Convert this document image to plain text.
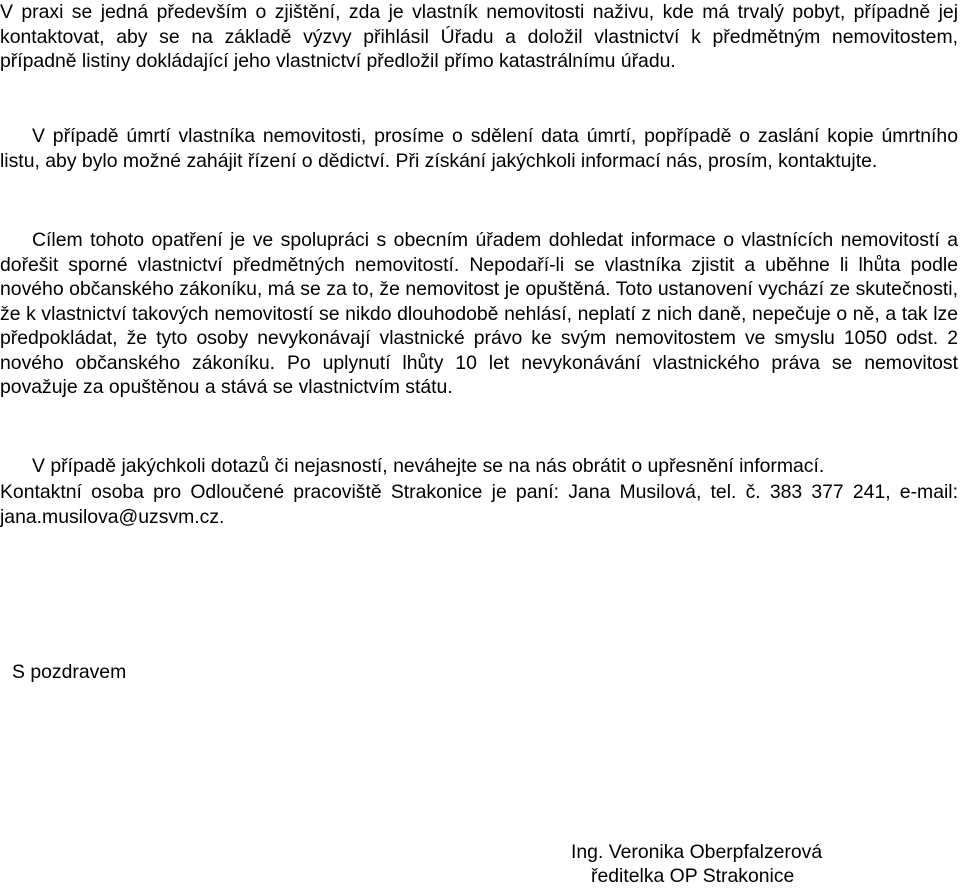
V praxi se jedná především o zjištění, zda je vlastník nemovitosti naživu, kde má trvalý pobyt, případně jej kontaktovat, aby se na základě výzvy přihlásil Úřadu a doložil vlastnictví k předmětným nemovitostem, případně listiny dokládající jeho vlastnictví předložil přímo katastrálnímu úřadu.

V případě úmrtí vlastníka nemovitosti, prosíme o sdělení data úmrtí, popřípadě o zaslání kopie úmrtního listu, aby bylo možné zahájit řízení o dědictví. Při získání jakýchkoli informací nás, prosím, kontaktujte.

Cílem tohoto opatření je ve spolupráci s obecním úřadem dohledat informace o vlastnících nemovitostí a dořešit sporné vlastnictví předmětných nemovitostí. Nepodaří-li se vlastníka zjistit a uběhne li lhůta podle nového občanského zákoníku, má se za to, že nemovitost je opuštěná. Toto ustanovení vychází ze skutečnosti, že k vlastnictví takových nemovitostí se nikdo dlouhodobě nehlásí, neplatí z nich daně, nepečuje o ně, a tak lze předpokládat, že tyto osoby nevykonávají vlastnické právo ke svým nemovitostem ve smyslu 1050 odst. 2 nového občanského zákoníku. Po uplynutí lhůty 10 let nevykonávání vlastnického práva se nemovitost považuje za opuštěnou a stává se vlastnictvím státu.

V případě jakýchkoli dotazů či nejasností, neváhejte se na nás obrátit o upřesnění informací.

Kontaktní osoba pro Odloučené pracoviště Strakonice je paní: Jana Musilová, tel. č. 383 377 241, e-mail: jana.musilova@uzsvm.cz.

S pozdravem

Ing. Veronika Oberpfalzerová
ředitelka OP Strakonice
